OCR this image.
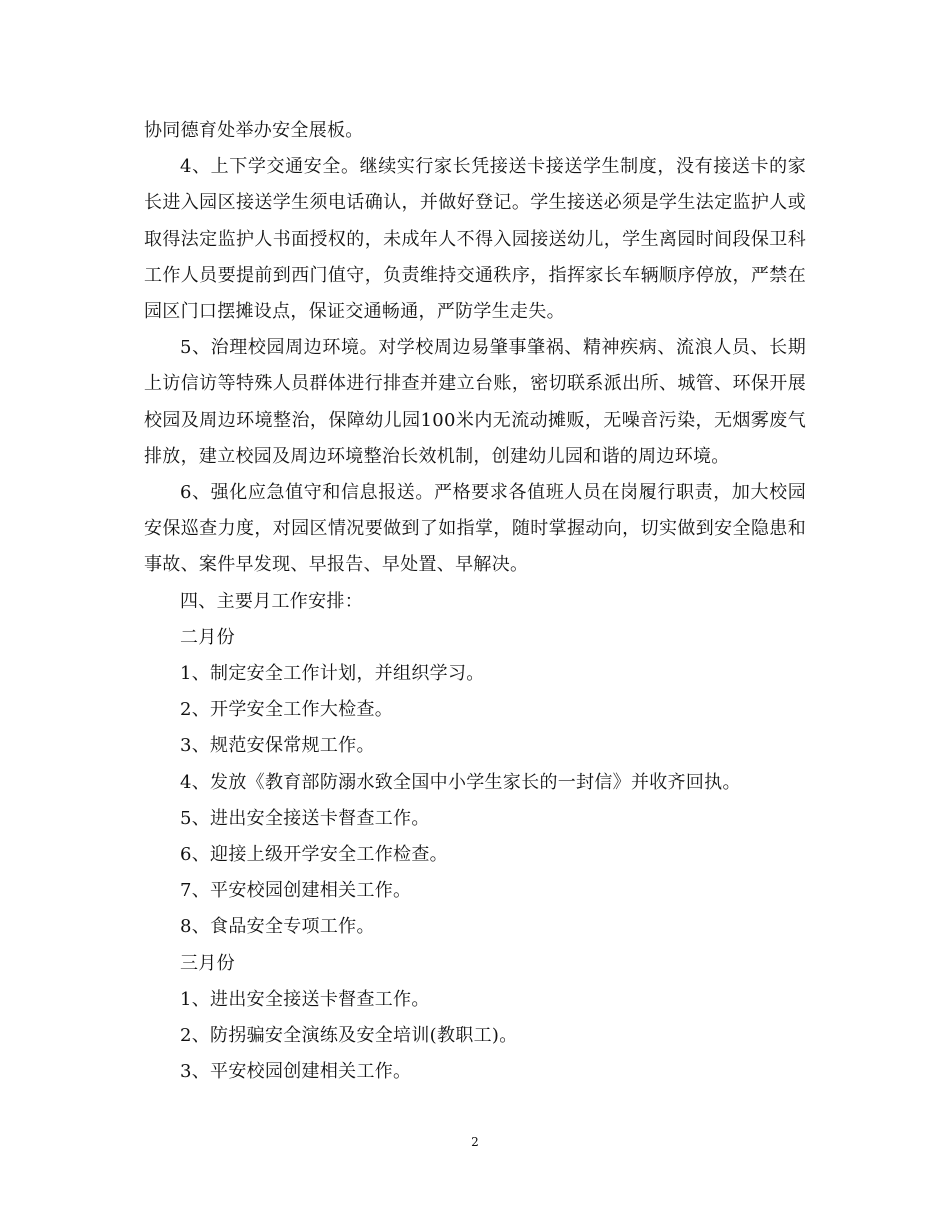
协同德育处举办安全展板。

4、上下学交通安全。继续实行家长凭接送卡接送学生制度，没有接送卡的家长进入园区接送学生须电话确认，并做好登记。学生接送必须是学生法定监护人或取得法定监护人书面授权的，未成年人不得入园接送幼儿，学生离园时间段保卫科工作人员要提前到西门值守，负责维持交通秩序，指挥家长车辆顺序停放，严禁在园区门口摆摊设点，保证交通畅通，严防学生走失。

5、治理校园周边环境。对学校周边易肇事肇祸、精神疾病、流浪人员、长期上访信访等特殊人员群体进行排查并建立台账，密切联系派出所、城管、环保开展校园及周边环境整治，保障幼儿园100米内无流动摊贩，无噪音污染，无烟雾废气排放，建立校园及周边环境整治长效机制，创建幼儿园和谐的周边环境。

6、强化应急值守和信息报送。严格要求各值班人员在岗履行职责，加大校园安保巡查力度，对园区情况要做到了如指掌，随时掌握动向，切实做到安全隐患和事故、案件早发现、早报告、早处置、早解决。

四、主要月工作安排：

二月份

1、制定安全工作计划，并组织学习。

2、开学安全工作大检查。

3、规范安保常规工作。

4、发放《教育部防溺水致全国中小学生家长的一封信》并收齐回执。

5、进出安全接送卡督查工作。

6、迎接上级开学安全工作检查。

7、平安校园创建相关工作。

8、食品安全专项工作。

三月份

1、进出安全接送卡督查工作。

2、防拐骗安全演练及安全培训(教职工)。

3、平安校园创建相关工作。

2
